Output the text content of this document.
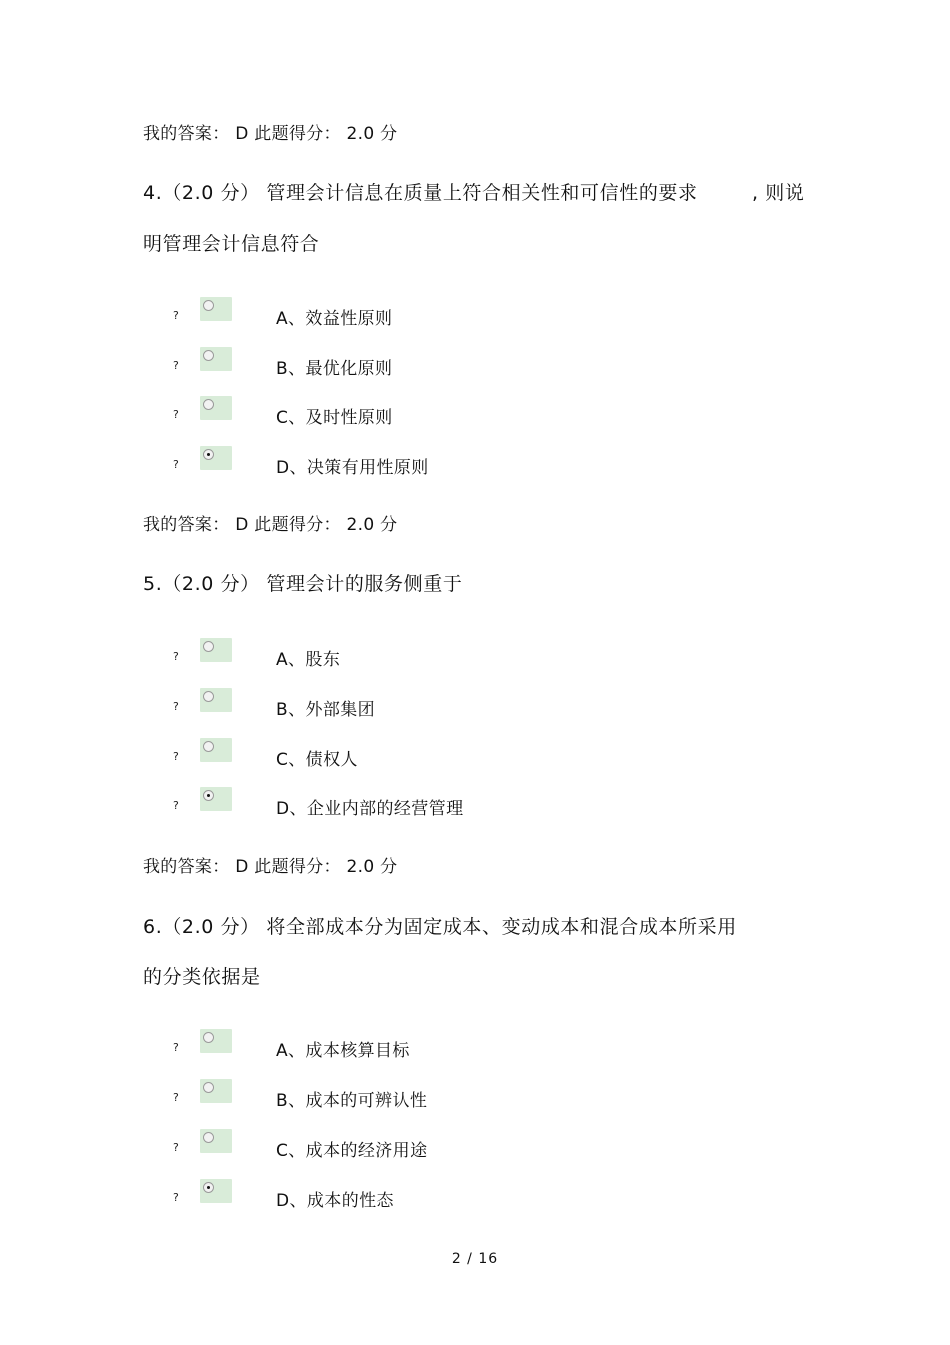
我的答案： D 此题得分： 2.0 分
4.（2.0 分） 管理会计信息在质量上符合相关性和可信性的要求	, 则说
明管理会计信息符合
?	A、效益性原则
?	B、最优化原则
?	C、及时性原则
?	D、决策有用性原则
我的答案： D 此题得分： 2.0 分
5.（2.0 分） 管理会计的服务侧重于
?	A、股东
?	B、外部集团
?	C、债权人
?	D、企业内部的经营管理
我的答案： D 此题得分： 2.0 分
6.（2.0 分） 将全部成本分为固定成本、变动成本和混合成本所采用
的分类依据是
?	A、成本核算目标
?	B、成本的可辨认性
?	C、成本的经济用途
?	D、成本的性态
2 / 16
